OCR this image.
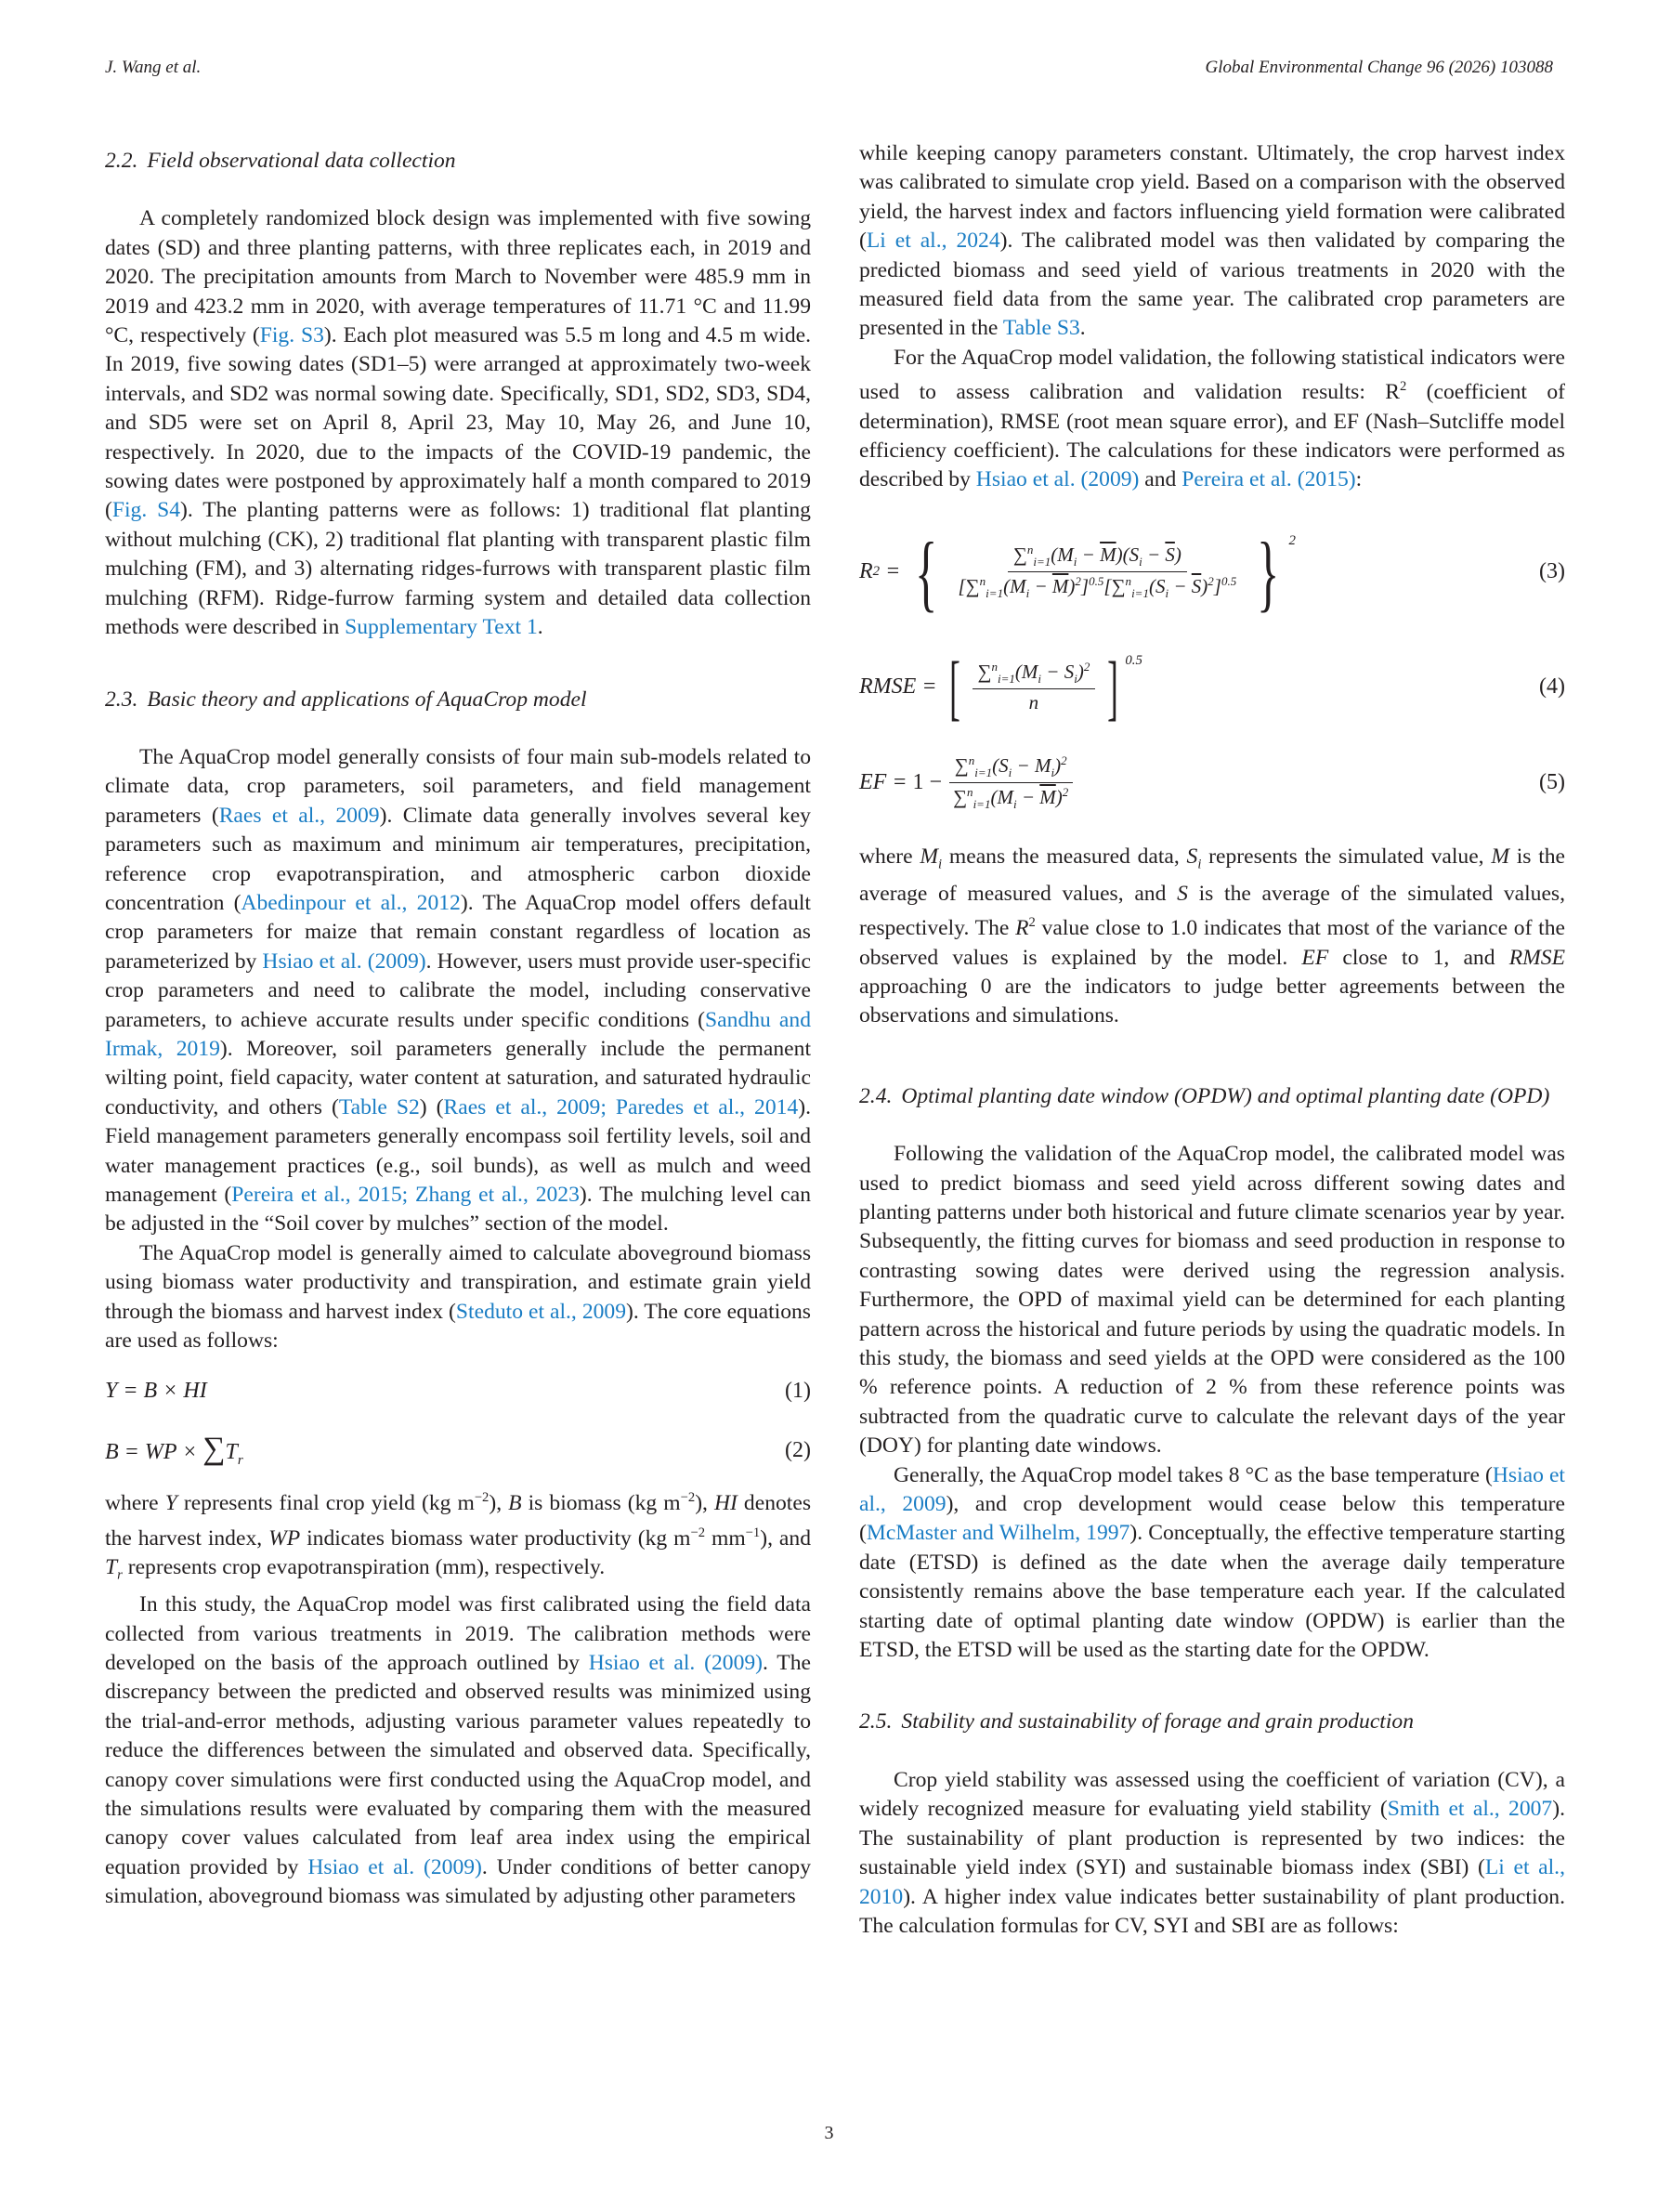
J. Wang et al.	Global Environmental Change 96 (2026) 103088
2.2. Field observational data collection

A completely randomized block design was implemented with five sowing dates (SD) and three planting patterns, with three replicates each, in 2019 and 2020. The precipitation amounts from March to November were 485.9 mm in 2019 and 423.2 mm in 2020, with average temperatures of 11.71 °C and 11.99 °C, respectively (Fig. S3). Each plot measured was 5.5 m long and 4.5 m wide. In 2019, five sowing dates (SD1–5) were arranged at approximately two-week intervals, and SD2 was normal sowing date. Specifically, SD1, SD2, SD3, SD4, and SD5 were set on April 8, April 23, May 10, May 26, and June 10, respectively. In 2020, due to the impacts of the COVID-19 pandemic, the sowing dates were postponed by approximately half a month compared to 2019 (Fig. S4). The planting patterns were as follows: 1) traditional flat planting without mulching (CK), 2) traditional flat planting with transparent plastic film mulching (FM), and 3) alternating ridges-furrows with transparent plastic film mulching (RFM). Ridge-furrow farming system and detailed data collection methods were described in Supplementary Text 1.

2.3. Basic theory and applications of AquaCrop model

The AquaCrop model generally consists of four main sub-models related to climate data, crop parameters, soil parameters, and field management parameters (Raes et al., 2009). Climate data generally involves several key parameters such as maximum and minimum air temperatures, precipitation, reference crop evapotranspiration, and atmospheric carbon dioxide concentration (Abedinpour et al., 2012). The AquaCrop model offers default crop parameters for maize that remain constant regardless of location as parameterized by Hsiao et al. (2009). However, users must provide user-specific crop parameters and need to calibrate the model, including conservative parameters, to achieve accurate results under specific conditions (Sandhu and Irmak, 2019). Moreover, soil parameters generally include the permanent wilting point, field capacity, water content at saturation, and saturated hydraulic conductivity, and others (Table S2) (Raes et al., 2009; Paredes et al., 2014). Field management parameters generally encompass soil fertility levels, soil and water management practices (e.g., soil bunds), as well as mulch and weed management (Pereira et al., 2015; Zhang et al., 2023). The mulching level can be adjusted in the “Soil cover by mulches” section of the model.

The AquaCrop model is generally aimed to calculate aboveground biomass using biomass water productivity and transpiration, and estimate grain yield through the biomass and harvest index (Steduto et al., 2009). The core equations are used as follows:

Y = B × HI	(1)
B = WP × $\sum T_r$	(2)

where Y represents final crop yield (kg $m^{-2}$), B is biomass (kg $m^{-2}$), HI denotes the harvest index, WP indicates biomass water productivity (kg $m^{-2}$ $mm^{-1}$), and $T_r$ represents crop evapotranspiration (mm), respectively.

In this study, the AquaCrop model was first calibrated using the field data collected from various treatments in 2019. The calibration methods were developed on the basis of the approach outlined by Hsiao et al. (2009). The discrepancy between the predicted and observed results was minimized using the trial-and-error methods, adjusting various parameter values repeatedly to reduce the differences between the simulated and observed data. Specifically, canopy cover simulations were first conducted using the AquaCrop model, and the simulations results were evaluated by comparing them with the measured canopy cover values calculated from leaf area index using the empirical equation provided by Hsiao et al. (2009). Under conditions of better canopy simulation, aboveground biomass was simulated by adjusting other parameters

while keeping canopy parameters constant. Ultimately, the crop harvest index was calibrated to simulate crop yield. Based on a comparison with the observed yield, the harvest index and factors influencing yield formation were calibrated (Li et al., 2024). The calibrated model was then validated by comparing the predicted biomass and seed yield of various treatments in 2020 with the measured field data from the same year. The calibrated crop parameters are presented in the Table S3.

For the AquaCrop model validation, the following statistical indicators were used to assess calibration and validation results: $R^2$ (coefficient of determination), RMSE (root mean square error), and EF (Nash–Sutcliffe model efficiency coefficient). The calculations for these indicators were performed as described by Hsiao et al. (2009) and Pereira et al. (2015):

R 2 = { $\frac{\sum^n_{i=1}(M_i - \overline{M})(S_i - \overline{S})}{[\sum^n_{i=1}(M_i - \overline{M})^2]^{0.5}[\sum^n_{i=1}(S_i - \overline{S})^2]^{0.5}}$ } $^2$
(3)
RMSE = [ $\frac{\sum^n_{i=1}(M_i - S_i)^2}{n}$ ] $^{0.5}$
(4)
EF = $1 - \frac{\sum^n_{i=1}(S_i - M_i)^2}{\sum^n_{i=1}(M_i - \overline{M})^2}$	(5)

where $M_i$ means the measured data, $S_i$ represents the simulated value, M is the average of measured values, and S is the average of the simulated values, respectively. The $R^2$ value close to 1.0 indicates that most of the variance of the observed values is explained by the model. EF close to 1, and RMSE approaching 0 are the indicators to judge better agreements between the observations and simulations.

2.4. Optimal planting date window (OPDW) and optimal planting date (OPD)

Following the validation of the AquaCrop model, the calibrated model was used to predict biomass and seed yield across different sowing dates and planting patterns under both historical and future climate scenarios year by year. Subsequently, the fitting curves for biomass and seed production in response to contrasting sowing dates were derived using the regression analysis. Furthermore, the OPD of maximal yield can be determined for each planting pattern across the historical and future periods by using the quadratic models. In this study, the biomass and seed yields at the OPD were considered as the 100 % reference points. A reduction of 2 % from these reference points was subtracted from the quadratic curve to calculate the relevant days of the year (DOY) for planting date windows.

Generally, the AquaCrop model takes 8 °C as the base temperature (Hsiao et al., 2009), and crop development would cease below this temperature (McMaster and Wilhelm, 1997). Conceptually, the effective temperature starting date (ETSD) is defined as the date when the average daily temperature consistently remains above the base temperature each year. If the calculated starting date of optimal planting date window (OPDW) is earlier than the ETSD, the ETSD will be used as the starting date for the OPDW.

2.5. Stability and sustainability of forage and grain production

Crop yield stability was assessed using the coefficient of variation (CV), a widely recognized measure for evaluating yield stability (Smith et al., 2007). The sustainability of plant production is represented by two indices: the sustainable yield index (SYI) and sustainable biomass index (SBI) (Li et al., 2010). A higher index value indicates better sustainability of plant production. The calculation formulas for CV, SYI and SBI are as follows:

3
